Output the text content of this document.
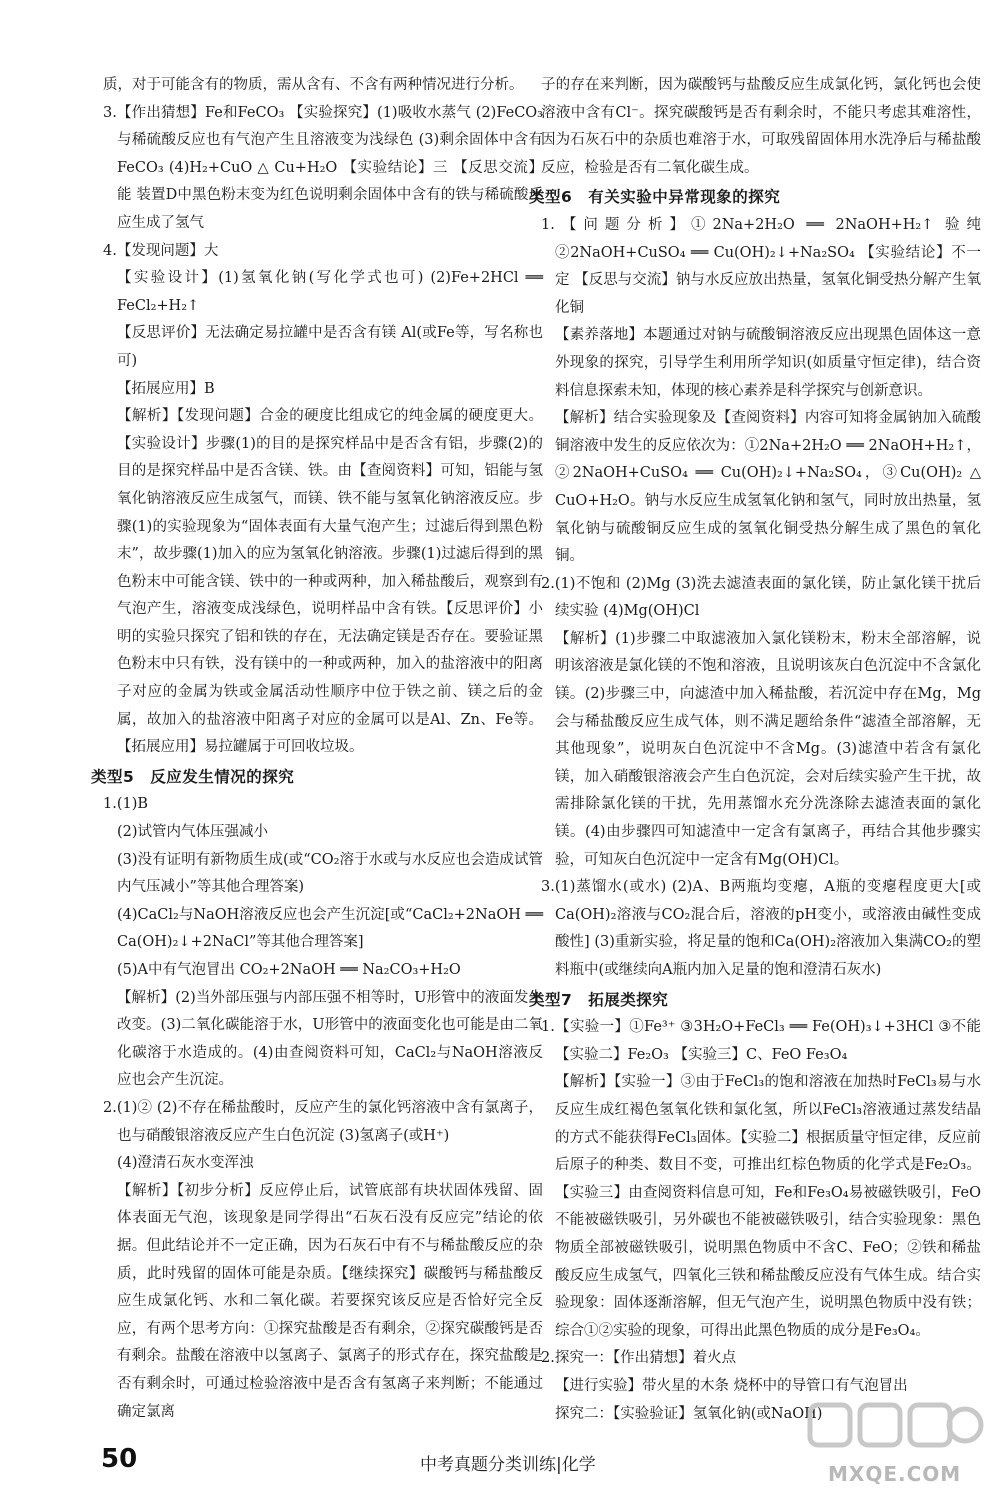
质，对于可能含有的物质，需从含有、不含有两种情况进行分析。

3.【作出猜想】Fe和FeCO₃ 【实验探究】(1)吸收水蒸气 (2)FeCO₃与稀硫酸反应也有气泡产生且溶液变为浅绿色 (3)剩余固体中含有FeCO₃ (4)H₂+CuO △ Cu+H₂O 【实验结论】三 【反思交流】能 装置D中黑色粉末变为红色说明剩余固体中含有的铁与稀硫酸反应生成了氢气

4.【发现问题】大

【实验设计】(1)氢氧化钠(写化学式也可) (2)Fe+2HCl ══ FeCl₂+H₂↑

【反思评价】无法确定易拉罐中是否含有镁 Al(或Fe等，写名称也可)

【拓展应用】B

【解析】【发现问题】合金的硬度比组成它的纯金属的硬度更大。【实验设计】步骤(1)的目的是探究样品中是否含有铝，步骤(2)的目的是探究样品中是否含镁、铁。由【查阅资料】可知，铝能与氢氧化钠溶液反应生成氢气，而镁、铁不能与氢氧化钠溶液反应。步骤(1)的实验现象为“固体表面有大量气泡产生；过滤后得到黑色粉末”，故步骤(1)加入的应为氢氧化钠溶液。步骤(1)过滤后得到的黑色粉末中可能含镁、铁中的一种或两种，加入稀盐酸后，观察到有气泡产生，溶液变成浅绿色，说明样品中含有铁。【反思评价】小明的实验只探究了铝和铁的存在，无法确定镁是否存在。要验证黑色粉末中只有铁，没有镁中的一种或两种，加入的盐溶液中的阳离子对应的金属为铁或金属活动性顺序中位于铁之前、镁之后的金属，故加入的盐溶液中阳离子对应的金属可以是Al、Zn、Fe等。【拓展应用】易拉罐属于可回收垃圾。

类型5　反应发生情况的探究

1.(1)B

(2)试管内气体压强减小

(3)没有证明有新物质生成(或“CO₂溶于水或与水反应也会造成试管内气压减小”等其他合理答案)

(4)CaCl₂与NaOH溶液反应也会产生沉淀[或“CaCl₂+2NaOH ══ Ca(OH)₂↓+2NaCl”等其他合理答案]

(5)A中有气泡冒出 CO₂+2NaOH ══ Na₂CO₃+H₂O

【解析】(2)当外部压强与内部压强不相等时，U形管中的液面发生改变。(3)二氧化碳能溶于水，U形管中的液面变化也可能是由二氧化碳溶于水造成的。(4)由查阅资料可知，CaCl₂与NaOH溶液反应也会产生沉淀。

2.(1)② (2)不存在稀盐酸时，反应产生的氯化钙溶液中含有氯离子，也与硝酸银溶液反应产生白色沉淀 (3)氢离子(或H⁺)

(4)澄清石灰水变浑浊

【解析】【初步分析】反应停止后，试管底部有块状固体残留、固体表面无气泡，该现象是同学得出“石灰石没有反应完”结论的依据。但此结论并不一定正确，因为石灰石中有不与稀盐酸反应的杂质，此时残留的固体可能是杂质。【继续探究】碳酸钙与稀盐酸反应生成氯化钙、水和二氧化碳。若要探究该反应是否恰好完全反应，有两个思考方向：①探究盐酸是否有剩余，②探究碳酸钙是否有剩余。盐酸在溶液中以氢离子、氯离子的形式存在，探究盐酸是否有剩余时，可通过检验溶液中是否含有氢离子来判断；不能通过确定氯离

子的存在来判断，因为碳酸钙与盐酸反应生成氯化钙，氯化钙也会使溶液中含有Cl⁻。探究碳酸钙是否有剩余时，不能只考虑其难溶性，因为石灰石中的杂质也难溶于水，可取残留固体用水洗净后与稀盐酸反应，检验是否有二氧化碳生成。

类型6　有关实验中异常现象的探究

1.【问题分析】①2Na+2H₂O ══ 2NaOH+H₂↑ 验纯 ②2NaOH+CuSO₄ ══ Cu(OH)₂↓+Na₂SO₄ 【实验结论】不一定 【反思与交流】钠与水反应放出热量，氢氧化铜受热分解产生氧化铜

【素养落地】本题通过对钠与硫酸铜溶液反应出现黑色固体这一意外现象的探究，引导学生利用所学知识(如质量守恒定律)，结合资料信息探索未知，体现的核心素养是科学探究与创新意识。

【解析】结合实验现象及【查阅资料】内容可知将金属钠加入硫酸铜溶液中发生的反应依次为：①2Na+2H₂O ══ 2NaOH+H₂↑，②2NaOH+CuSO₄ ══ Cu(OH)₂↓+Na₂SO₄，③Cu(OH)₂ △ CuO+H₂O。钠与水反应生成氢氧化钠和氢气，同时放出热量，氢氧化钠与硫酸铜反应生成的氢氧化铜受热分解生成了黑色的氧化铜。

2.(1)不饱和 (2)Mg (3)洗去滤渣表面的氯化镁，防止氯化镁干扰后续实验 (4)Mg(OH)Cl

【解析】(1)步骤二中取滤液加入氯化镁粉末，粉末全部溶解，说明该溶液是氯化镁的不饱和溶液，且说明该灰白色沉淀中不含氯化镁。(2)步骤三中，向滤渣中加入稀盐酸，若沉淀中存在Mg，Mg会与稀盐酸反应生成气体，则不满足题给条件“滤渣全部溶解，无其他现象”，说明灰白色沉淀中不含Mg。(3)滤渣中若含有氯化镁，加入硝酸银溶液会产生白色沉淀，会对后续实验产生干扰，故需排除氯化镁的干扰，先用蒸馏水充分洗涤除去滤渣表面的氯化镁。(4)由步骤四可知滤渣中一定含有氯离子，再结合其他步骤实验，可知灰白色沉淀中一定含有Mg(OH)Cl。

3.(1)蒸馏水(或水) (2)A、B两瓶均变瘪，A瓶的变瘪程度更大[或Ca(OH)₂溶液与CO₂混合后，溶液的pH变小，或溶液由碱性变成酸性] (3)重新实验，将足量的饱和Ca(OH)₂溶液加入集满CO₂的塑料瓶中(或继续向A瓶内加入足量的饱和澄清石灰水)

类型7　拓展类探究

1.【实验一】①Fe³⁺ ③3H₂O+FeCl₃ ══ Fe(OH)₃↓+3HCl ③不能 【实验二】Fe₂O₃ 【实验三】C、FeO Fe₃O₄

【解析】【实验一】③由于FeCl₃的饱和溶液在加热时FeCl₃易与水反应生成红褐色氢氧化铁和氯化氢，所以FeCl₃溶液通过蒸发结晶的方式不能获得FeCl₃固体。【实验二】根据质量守恒定律，反应前后原子的种类、数目不变，可推出红棕色物质的化学式是Fe₂O₃。【实验三】由查阅资料信息可知，Fe和Fe₃O₄易被磁铁吸引，FeO不能被磁铁吸引，另外碳也不能被磁铁吸引，结合实验现象：黑色物质全部被磁铁吸引，说明黑色物质中不含C、FeO；②铁和稀盐酸反应生成氢气，四氧化三铁和稀盐酸反应没有气体生成。结合实验现象：固体逐渐溶解，但无气泡产生，说明黑色物质中没有铁；综合①②实验的现象，可得出此黑色物质的成分是Fe₃O₄。

2.探究一：【作出猜想】着火点

【进行实验】带火星的木条 烧杯中的导管口有气泡冒出

探究二：【实验验证】氢氧化钠(或NaOH)

50	中考真题分类训练|化学	MXQE.COM
